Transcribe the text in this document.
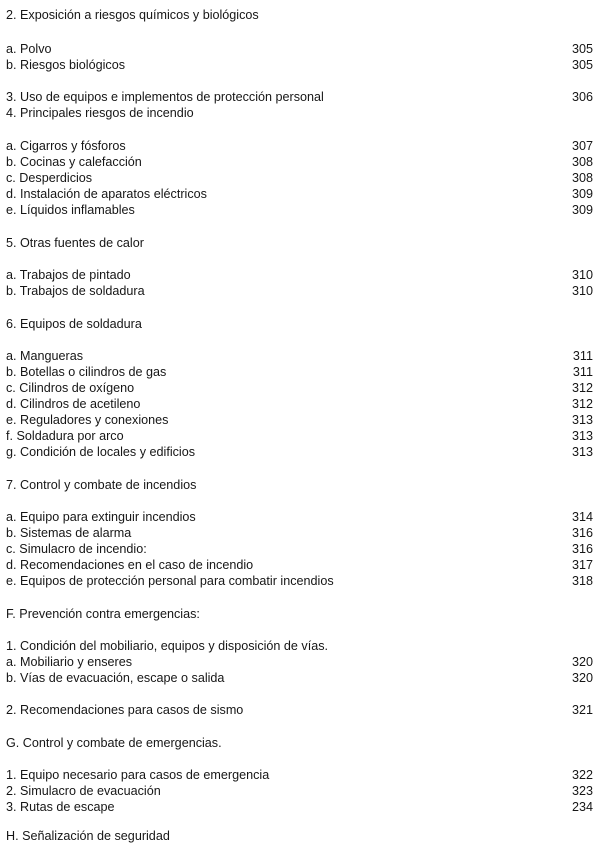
2. Exposición a riesgos químicos y biológicos
a. Polvo	305
b. Riesgos biológicos	305
3. Uso de equipos e implementos de protección personal	306
4. Principales riesgos de incendio
a. Cigarros y fósforos	307
b. Cocinas y calefacción	308
c. Desperdicios	308
d. Instalación de aparatos eléctricos	309
e. Líquidos inflamables	309
5. Otras fuentes de calor
a. Trabajos de pintado	310
b. Trabajos de soldadura	310
6. Equipos de soldadura
a. Mangueras	311
b. Botellas o cilindros de gas	311
c. Cilindros de oxígeno	312
d. Cilindros de acetileno	312
e. Reguladores y conexiones	313
f. Soldadura por arco	313
g. Condición de locales y edificios	313
7. Control y combate de incendios
a. Equipo para extinguir incendios	314
b. Sistemas de alarma	316
c. Simulacro de incendio:	316
d. Recomendaciones en el caso de incendio	317
e. Equipos de protección personal para combatir incendios	318
F. Prevención contra emergencias:
1. Condición del mobiliario, equipos y disposición de vías.
a. Mobiliario y enseres	320
b. Vías de evacuación, escape o salida	320
2. Recomendaciones para casos de sismo	321
G. Control y combate de emergencias.
1. Equipo necesario para casos de emergencia	322
2. Simulacro de evacuación	323
3. Rutas de escape	234
H. Señalización de seguridad
